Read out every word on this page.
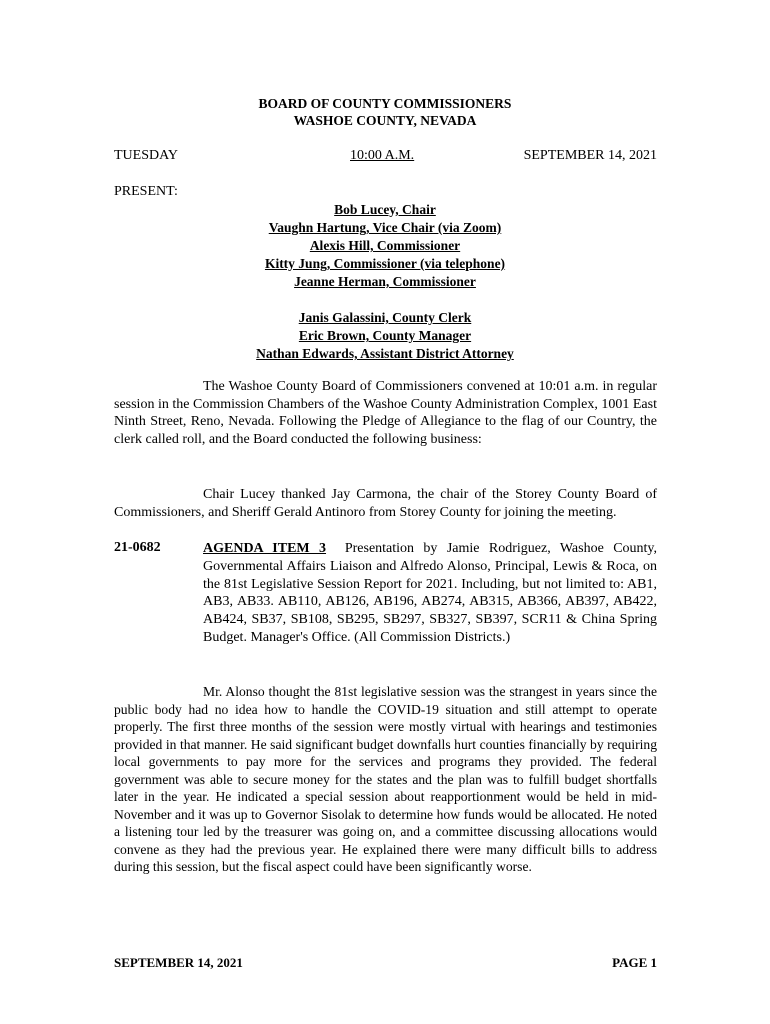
BOARD OF COUNTY COMMISSIONERS
WASHOE COUNTY, NEVADA
TUESDAY	10:00 A.M.	SEPTEMBER 14, 2021
PRESENT:
Bob Lucey, Chair
Vaughn Hartung, Vice Chair (via Zoom)
Alexis Hill, Commissioner
Kitty Jung, Commissioner (via telephone)
Jeanne Herman, Commissioner
Janis Galassini, County Clerk
Eric Brown, County Manager
Nathan Edwards, Assistant District Attorney
The Washoe County Board of Commissioners convened at 10:01 a.m. in regular session in the Commission Chambers of the Washoe County Administration Complex, 1001 East Ninth Street, Reno, Nevada. Following the Pledge of Allegiance to the flag of our Country, the clerk called roll, and the Board conducted the following business:
Chair Lucey thanked Jay Carmona, the chair of the Storey County Board of Commissioners, and Sheriff Gerald Antinoro from Storey County for joining the meeting.
21-0682	AGENDA ITEM 3 Presentation by Jamie Rodriguez, Washoe County, Governmental Affairs Liaison and Alfredo Alonso, Principal, Lewis & Roca, on the 81st Legislative Session Report for 2021. Including, but not limited to: AB1, AB3, AB33. AB110, AB126, AB196, AB274, AB315, AB366, AB397, AB422, AB424, SB37, SB108, SB295, SB297, SB327, SB397, SCR11 & China Spring Budget. Manager's Office. (All Commission Districts.)
Mr. Alonso thought the 81st legislative session was the strangest in years since the public body had no idea how to handle the COVID-19 situation and still attempt to operate properly. The first three months of the session were mostly virtual with hearings and testimonies provided in that manner. He said significant budget downfalls hurt counties financially by requiring local governments to pay more for the services and programs they provided. The federal government was able to secure money for the states and the plan was to fulfill budget shortfalls later in the year. He indicated a special session about reapportionment would be held in mid-November and it was up to Governor Sisolak to determine how funds would be allocated. He noted a listening tour led by the treasurer was going on, and a committee discussing allocations would convene as they had the previous year. He explained there were many difficult bills to address during this session, but the fiscal aspect could have been significantly worse.
SEPTEMBER 14, 2021	PAGE 1
